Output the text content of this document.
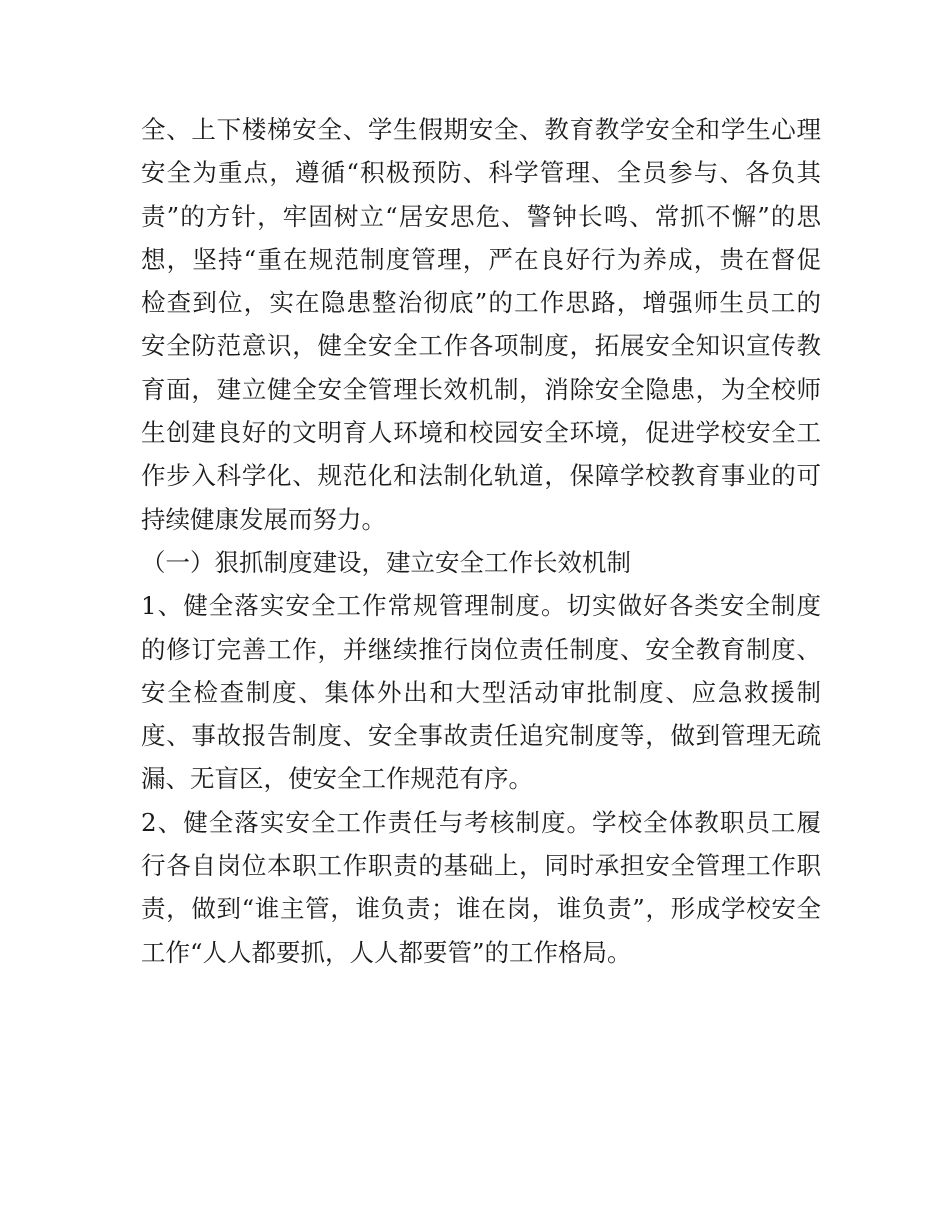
全、上下楼梯安全、学生假期安全、教育教学安全和学生心理
安全为重点，遵循“积极预防、科学管理、全员参与、各负其
责”的方针，牢固树立“居安思危、警钟长鸣、常抓不懈”的思
想，坚持“重在规范制度管理，严在良好行为养成，贵在督促
检查到位，实在隐患整治彻底”的工作思路，增强师生员工的
安全防范意识，健全安全工作各项制度，拓展安全知识宣传教
育面，建立健全安全管理长效机制，消除安全隐患，为全校师
生创建良好的文明育人环境和校园安全环境，促进学校安全工
作步入科学化、规范化和法制化轨道，保障学校教育事业的可
持续健康发展而努力。
（一）狠抓制度建设，建立安全工作长效机制
1、健全落实安全工作常规管理制度。切实做好各类安全制度
的修订完善工作，并继续推行岗位责任制度、安全教育制度、
安全检查制度、集体外出和大型活动审批制度、应急救援制
度、事故报告制度、安全事故责任追究制度等，做到管理无疏
漏、无盲区，使安全工作规范有序。
2、健全落实安全工作责任与考核制度。学校全体教职员工履
行各自岗位本职工作职责的基础上，同时承担安全管理工作职
责，做到“谁主管，谁负责；谁在岗，谁负责”，形成学校安全
工作“人人都要抓，人人都要管”的工作格局。
